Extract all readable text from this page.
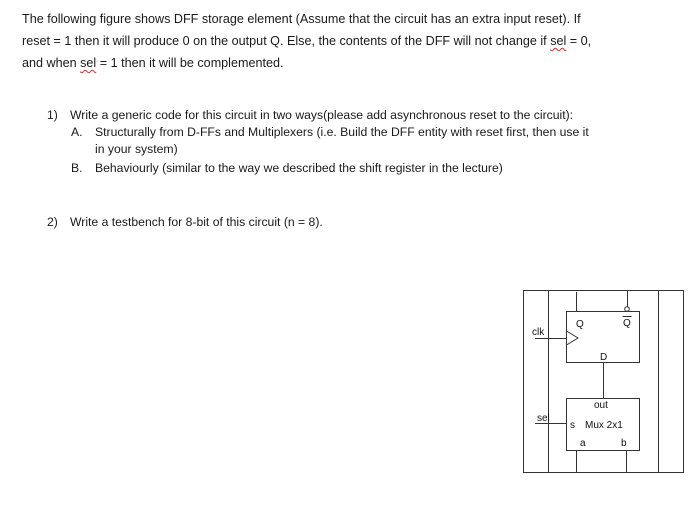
The following figure shows DFF storage element (Assume that the circuit has an extra input reset). If
reset = 1 then it will produce 0 on the output Q. Else, the contents of the DFF will not change if sel = 0,
and when sel = 1 then it will be complemented.
1) Write a generic code for this circuit in two ways(please add asynchronous reset to the circuit):
A. Structurally from D-FFs and Multiplexers (i.e. Build the DFF entity with reset first, then use it
in your system)
B. Behaviourly (similar to the way we described the shift register in the lecture)
2) Write a testbench for 8-bit of this circuit (n = 8).
clk
Q	Q
D
out
sel
s Mux 2x1
a	b
